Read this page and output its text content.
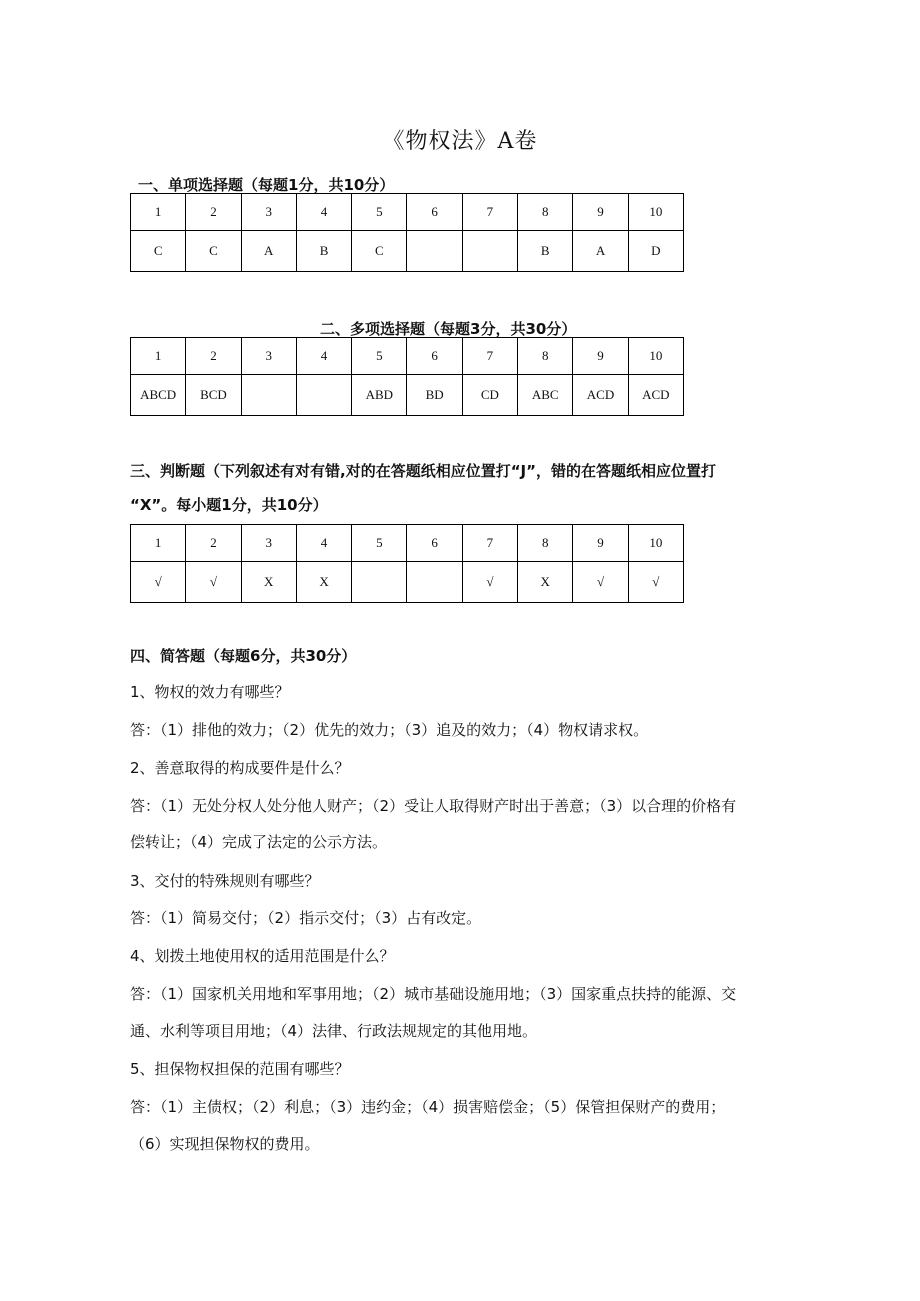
《物权法》A卷
一、单项选择题（每题1分，共10分）
1	2	3	4	5	6	7	8	9	10
C	C	A	B	C			B	A	D
二、多项选择题（每题3分，共30分）
1	2	3	4	5	6	7	8	9	10
ABCD	BCD			ABD	BD	CD	ABC	ACD	ACD
三、判断题（下列叙述有对有错,对的在答题纸相应位置打“J”，错的在答题纸相应位置打
“X”。每小题1分，共10分）
1	2	3	4	5	6	7	8	9	10
√	√	X	X			√	X	√	√
四、简答题（每题6分，共30分）
1、物权的效力有哪些？
答：（1）排他的效力；（2）优先的效力；（3）追及的效力；（4）物权请求权。
2、善意取得的构成要件是什么？
答：（1）无处分权人处分他人财产；（2）受让人取得财产时出于善意；（3）以合理的价格有
偿转让；（4）完成了法定的公示方法。
3、交付的特殊规则有哪些？
答：（1）简易交付；（2）指示交付；（3）占有改定。
4、划拨土地使用权的适用范围是什么？
答：（1）国家机关用地和军事用地；（2）城市基础设施用地；（3）国家重点扶持的能源、交
通、水利等项目用地；（4）法律、行政法规规定的其他用地。
5、担保物权担保的范围有哪些？
答：（1）主债权；（2）利息；（3）违约金；（4）损害赔偿金；（5）保管担保财产的费用；
（6）实现担保物权的费用。
